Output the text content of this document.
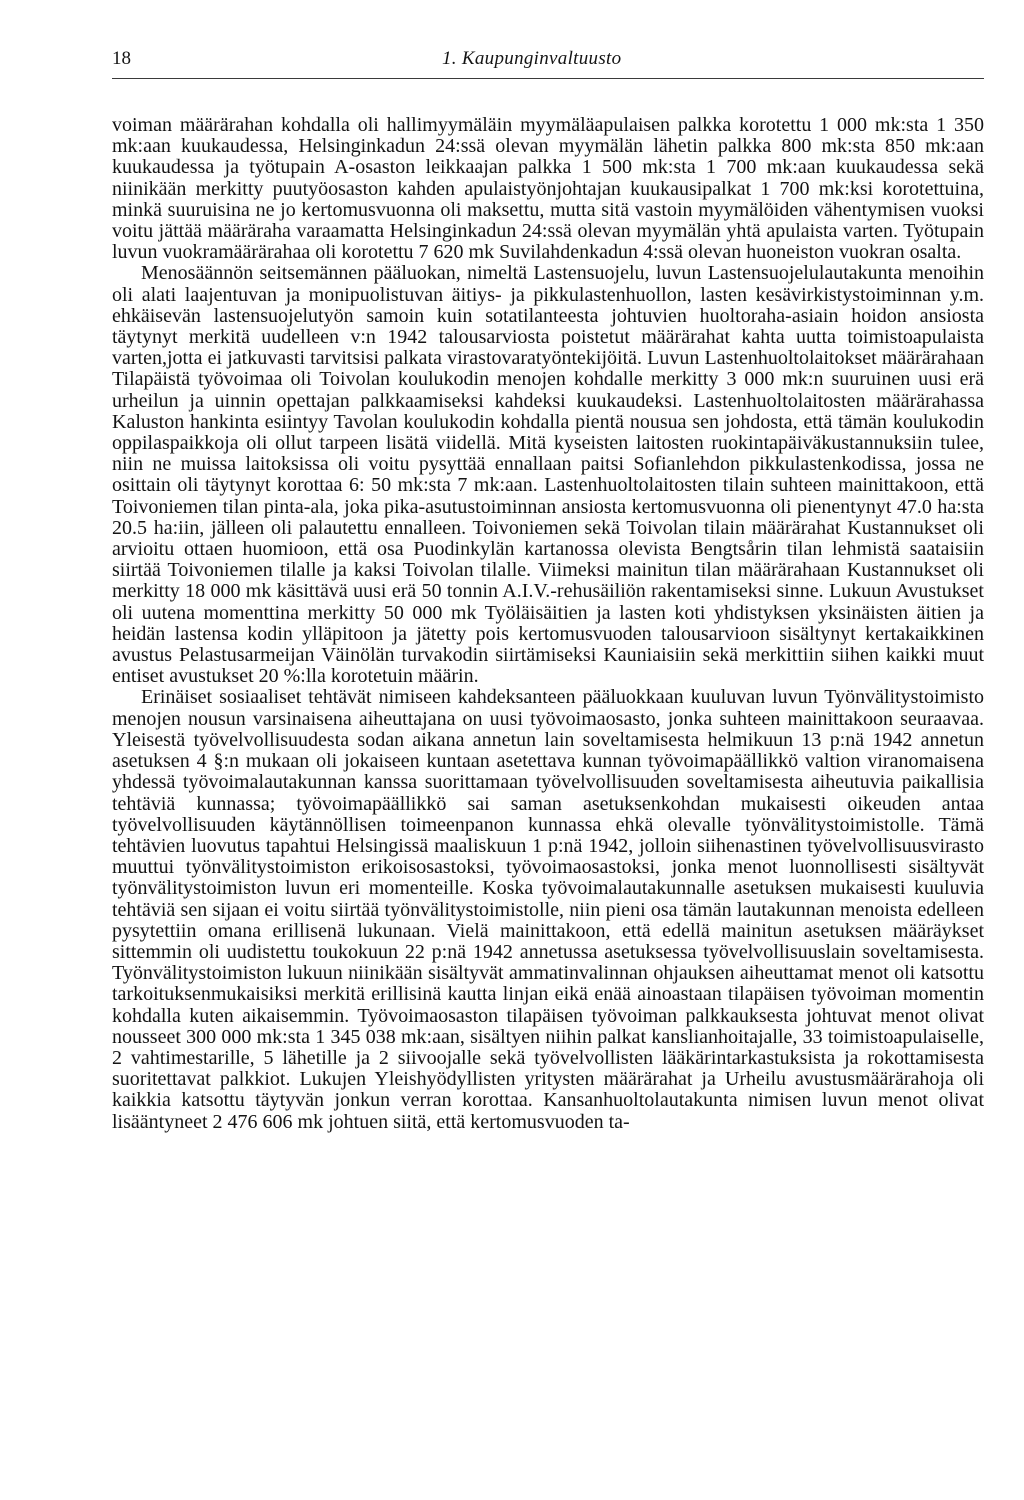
18	1. Kaupunginvaltuusto

voiman määrärahan kohdalla oli hallimyymäläin myymäläapulaisen palkka korotettu 1 000 mk:sta 1 350 mk:aan kuukaudessa, Helsinginkadun 24:ssä olevan myymälän lähetin palkka 800 mk:sta 850 mk:aan kuukaudessa ja työtupain A-osaston leikkaajan palkka 1 500 mk:sta 1 700 mk:aan kuukaudessa sekä niinikään merkitty puutyöosaston kahden apulaistyönjohtajan kuukausipalkat 1 700 mk:ksi korotettuina, minkä suuruisina ne jo kertomusvuonna oli maksettu, mutta sitä vastoin myymälöiden vähentymisen vuoksi voitu jättää määräraha varaamatta Helsinginkadun 24:ssä olevan myymälän yhtä apulaista varten. Työtupain luvun vuokramäärärahaa oli korotettu 7 620 mk Suvilahdenkadun 4:ssä olevan huoneiston vuokran osalta.

Menosäännön seitsemännen pääluokan, nimeltä Lastensuojelu, luvun Lastensuojelulautakunta menoihin oli alati laajentuvan ja monipuolistuvan äitiys- ja pikkulastenhuollon, lasten kesävirkistystoiminnan y.m. ehkäisevän lastensuojelutyön samoin kuin sotatilanteesta johtuvien huoltoraha-asiain hoidon ansiosta täytynyt merkitä uudelleen v:n 1942 talousarviosta poistetut määrärahat kahta uutta toimistoapulaista varten,jotta ei jatkuvasti tarvitsisi palkata virastovaratyöntekijöitä. Luvun Lastenhuoltolaitokset määrärahaan Tilapäistä työvoimaa oli Toivolan koulukodin menojen kohdalle merkitty 3 000 mk:n suuruinen uusi erä urheilun ja uinnin opettajan palkkaamiseksi kahdeksi kuukaudeksi. Lastenhuoltolaitosten määrärahassa Kaluston hankinta esiintyy Tavolan koulukodin kohdalla pientä nousua sen johdosta, että tämän koulukodin oppilaspaikkoja oli ollut tarpeen lisätä viidellä. Mitä kyseisten laitosten ruokintapäiväkustannuksiin tulee, niin ne muissa laitoksissa oli voitu pysyttää ennallaan paitsi Sofianlehdon pikkulastenkodissa, jossa ne osittain oli täytynyt korottaa 6: 50 mk:sta 7 mk:aan. Lastenhuoltolaitosten tilain suhteen mainittakoon, että Toivoniemen tilan pinta-ala, joka pika-asutustoiminnan ansiosta kertomusvuonna oli pienentynyt 47.0 ha:sta 20.5 ha:iin, jälleen oli palautettu ennalleen. Toivoniemen sekä Toivolan tilain määrärahat Kustannukset oli arvioitu ottaen huomioon, että osa Puodinkylän kartanossa olevista Bengtsårin tilan lehmistä saataisiin siirtää Toivoniemen tilalle ja kaksi Toivolan tilalle. Viimeksi mainitun tilan määrärahaan Kustannukset oli merkitty 18 000 mk käsittävä uusi erä 50 tonnin A.I.V.-rehusäiliön rakentamiseksi sinne. Lukuun Avustukset oli uutena momenttina merkitty 50 000 mk Työläisäitien ja lasten koti yhdistyksen yksinäisten äitien ja heidän lastensa kodin ylläpitoon ja jätetty pois kertomusvuoden talousarvioon sisältynyt kertakaikkinen avustus Pelastusarmeijan Väinölän turvakodin siirtämiseksi Kauniaisiin sekä merkittiin siihen kaikki muut entiset avustukset 20 %:lla korotetuin määrin.

Erinäiset sosiaaliset tehtävät nimiseen kahdeksanteen pääluokkaan kuuluvan luvun Työnvälitystoimisto menojen nousun varsinaisena aiheuttajana on uusi työvoimaosasto, jonka suhteen mainittakoon seuraavaa. Yleisestä työvelvollisuudesta sodan aikana annetun lain soveltamisesta helmikuun 13 p:nä 1942 annetun asetuksen 4 §:n mukaan oli jokaiseen kuntaan asetettava kunnan työvoimapäällikkö valtion viranomaisena yhdessä työvoimalautakunnan kanssa suorittamaan työvelvollisuuden soveltamisesta aiheutuvia paikallisia tehtäviä kunnassa; työvoimapäällikkö sai saman asetuksenkohdan mukaisesti oikeuden antaa työvelvollisuuden käytännöllisen toimeenpanon kunnassa ehkä olevalle työnvälitystoimistolle. Tämä tehtävien luovutus tapahtui Helsingissä maaliskuun 1 p:nä 1942, jolloin siihenastinen työvelvollisuusvirasto muuttui työnvälitystoimiston erikoisosastoksi, työvoimaosastoksi, jonka menot luonnollisesti sisältyvät työnvälitystoimiston luvun eri momenteille. Koska työvoimalautakunnalle asetuksen mukaisesti kuuluvia tehtäviä sen sijaan ei voitu siirtää työnvälitystoimistolle, niin pieni osa tämän lautakunnan menoista edelleen pysytettiin omana erillisenä lukunaan. Vielä mainittakoon, että edellä mainitun asetuksen määräykset sittemmin oli uudistettu toukokuun 22 p:nä 1942 annetussa asetuksessa työvelvollisuuslain soveltamisesta. Työnvälitystoimiston lukuun niinikään sisältyvät ammatinvalinnan ohjauksen aiheuttamat menot oli katsottu tarkoituksenmukaisiksi merkitä erillisinä kautta linjan eikä enää ainoastaan tilapäisen työvoiman momentin kohdalla kuten aikaisemmin. Työvoimaosaston tilapäisen työvoiman palkkauksesta johtuvat menot olivat nousseet 300 000 mk:sta 1 345 038 mk:aan, sisältyen niihin palkat kanslianhoitajalle, 33 toimistoapulaiselle, 2 vahtimestarille, 5 lähetille ja 2 siivoojalle sekä työvelvollisten lääkärintarkastuksista ja rokottamisesta suoritettavat palkkiot. Lukujen Yleishyödyllisten yritysten määrärahat ja Urheilu avustusmäärärahoja oli kaikkia katsottu täytyvän jonkun verran korottaa. Kansanhuoltolautakunta nimisen luvun menot olivat lisääntyneet 2 476 606 mk johtuen siitä, että kertomusvuoden ta-
